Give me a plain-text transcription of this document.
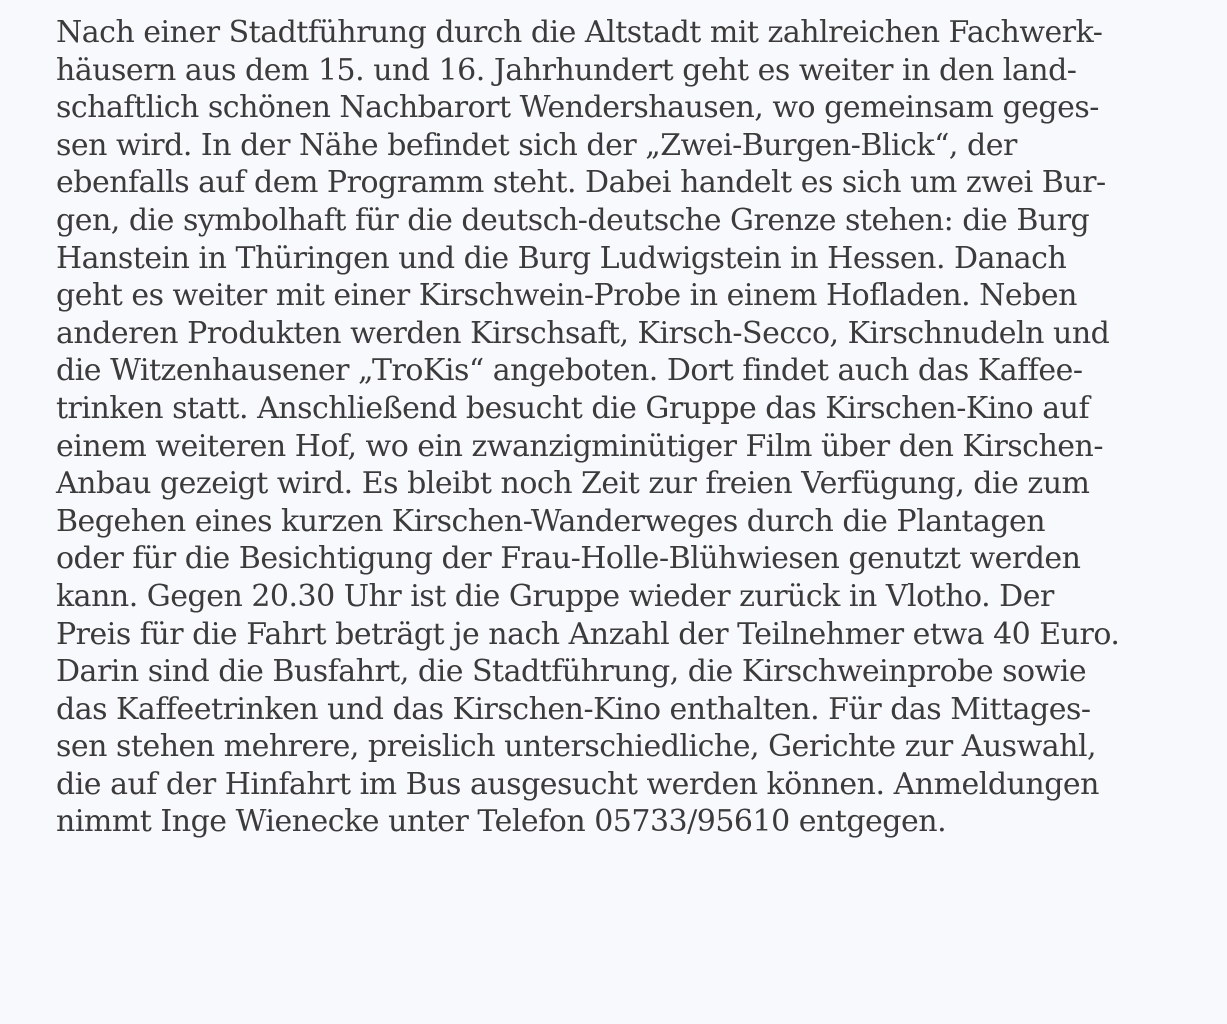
Nach einer Stadtführung durch die Altstadt mit zahlreichen Fachwerk-
häusern aus dem 15. und 16. Jahrhundert geht es weiter in den land-
schaftlich schönen Nachbarort Wendershausen, wo gemeinsam geges-
sen wird. In der Nähe befindet sich der „Zwei-Burgen-Blick“, der
ebenfalls auf dem Programm steht. Dabei handelt es sich um zwei Bur-
gen, die symbolhaft für die deutsch-deutsche Grenze stehen: die Burg
Hanstein in Thüringen und die Burg Ludwigstein in Hessen. Danach
geht es weiter mit einer Kirschwein-Probe in einem Hofladen. Neben
anderen Produkten werden Kirschsaft, Kirsch-Secco, Kirschnudeln und
die Witzenhausener „TroKis“ angeboten. Dort findet auch das Kaffee-
trinken statt. Anschließend besucht die Gruppe das Kirschen-Kino auf
einem weiteren Hof, wo ein zwanzigminütiger Film über den Kirschen-
Anbau gezeigt wird. Es bleibt noch Zeit zur freien Verfügung, die zum
Begehen eines kurzen Kirschen-Wanderweges durch die Plantagen
oder für die Besichtigung der Frau-Holle-Blühwiesen genutzt werden
kann. Gegen 20.30 Uhr ist die Gruppe wieder zurück in Vlotho. Der
Preis für die Fahrt beträgt je nach Anzahl der Teilnehmer etwa 40 Euro.
Darin sind die Busfahrt, die Stadtführung, die Kirschweinprobe sowie
das Kaffeetrinken und das Kirschen-Kino enthalten. Für das Mittages-
sen stehen mehrere, preislich unterschiedliche, Gerichte zur Auswahl,
die auf der Hinfahrt im Bus ausgesucht werden können. Anmeldungen
nimmt Inge Wienecke unter Telefon 05733/95610 entgegen.
